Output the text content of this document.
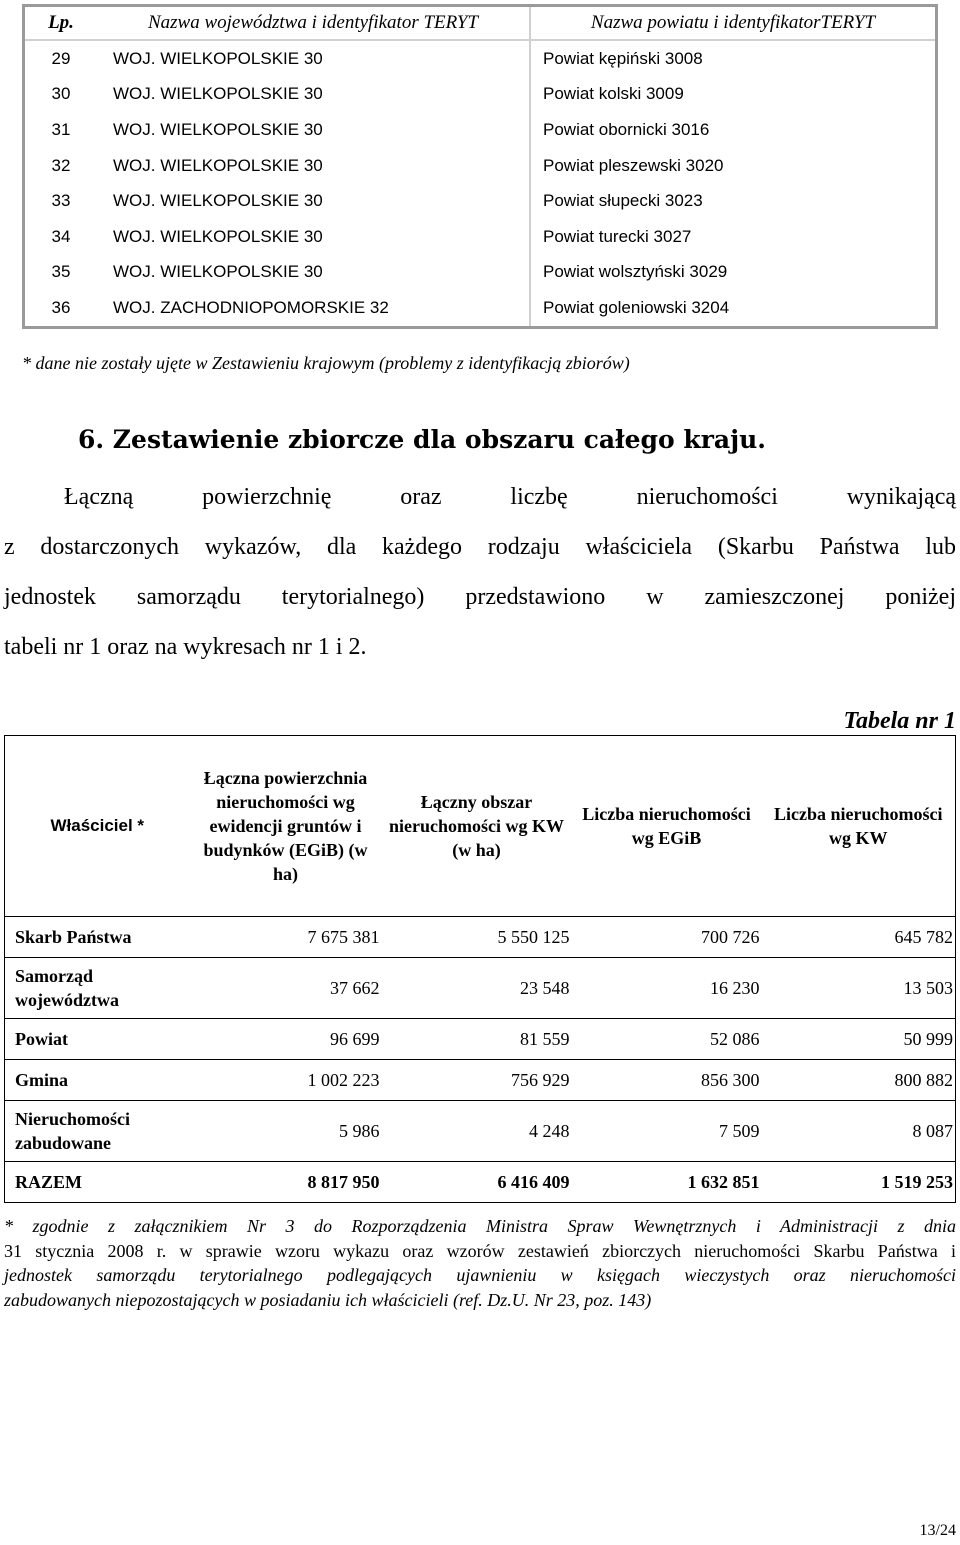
Lp.	Nazwa województwa i identyfikator TERYT	Nazwa powiatu i identyfikatorTERYT
29	WOJ. WIELKOPOLSKIE 30	Powiat kępiński 3008
30	WOJ. WIELKOPOLSKIE 30	Powiat kolski 3009
31	WOJ. WIELKOPOLSKIE 30	Powiat obornicki 3016
32	WOJ. WIELKOPOLSKIE 30	Powiat pleszewski 3020
33	WOJ. WIELKOPOLSKIE 30	Powiat słupecki 3023
34	WOJ. WIELKOPOLSKIE 30	Powiat turecki 3027
35	WOJ. WIELKOPOLSKIE 30	Powiat wolsztyński 3029
36	WOJ. ZACHODNIOPOMORSKIE 32	Powiat goleniowski 3204
* dane nie zostały ujęte w Zestawieniu krajowym (problemy z identyfikacją zbiorów)
6. Zestawienie zbiorcze dla obszaru całego kraju.
Łączną powierzchnię oraz liczbę nieruchomości wynikającą
z dostarczonych wykazów, dla każdego rodzaju właściciela (Skarbu Państwa lub
jednostek samorządu terytorialnego) przedstawiono w zamieszczonej poniżej
tabeli nr 1 oraz na wykresach nr 1 i 2.
Tabela nr 1
Właściciel *	Łączna powierzchnia nieruchomości wg ewidencji gruntów i budynków (EGiB) (w ha)	Łączny obszar nieruchomości wg KW (w ha)	Liczba nieruchomości wg EGiB	Liczba nieruchomości wg KW
Skarb Państwa	7 675 381	5 550 125	700 726	645 782
Samorząd województwa	37 662	23 548	16 230	13 503
Powiat	96 699	81 559	52 086	50 999
Gmina	1 002 223	756 929	856 300	800 882
Nieruchomości zabudowane	5 986	4 248	7 509	8 087
RAZEM	8 817 950	6 416 409	1 632 851	1 519 253
* zgodnie z załącznikiem Nr 3 do Rozporządzenia Ministra Spraw Wewnętrznych i Administracji z dnia
31 stycznia 2008 r. w sprawie wzoru wykazu oraz wzorów zestawień zbiorczych nieruchomości Skarbu Państwa i
jednostek samorządu terytorialnego podlegających ujawnieniu w księgach wieczystych oraz nieruchomości
zabudowanych niepozostających w posiadaniu ich właścicieli (ref. Dz.U. Nr 23, poz. 143)
13/24
